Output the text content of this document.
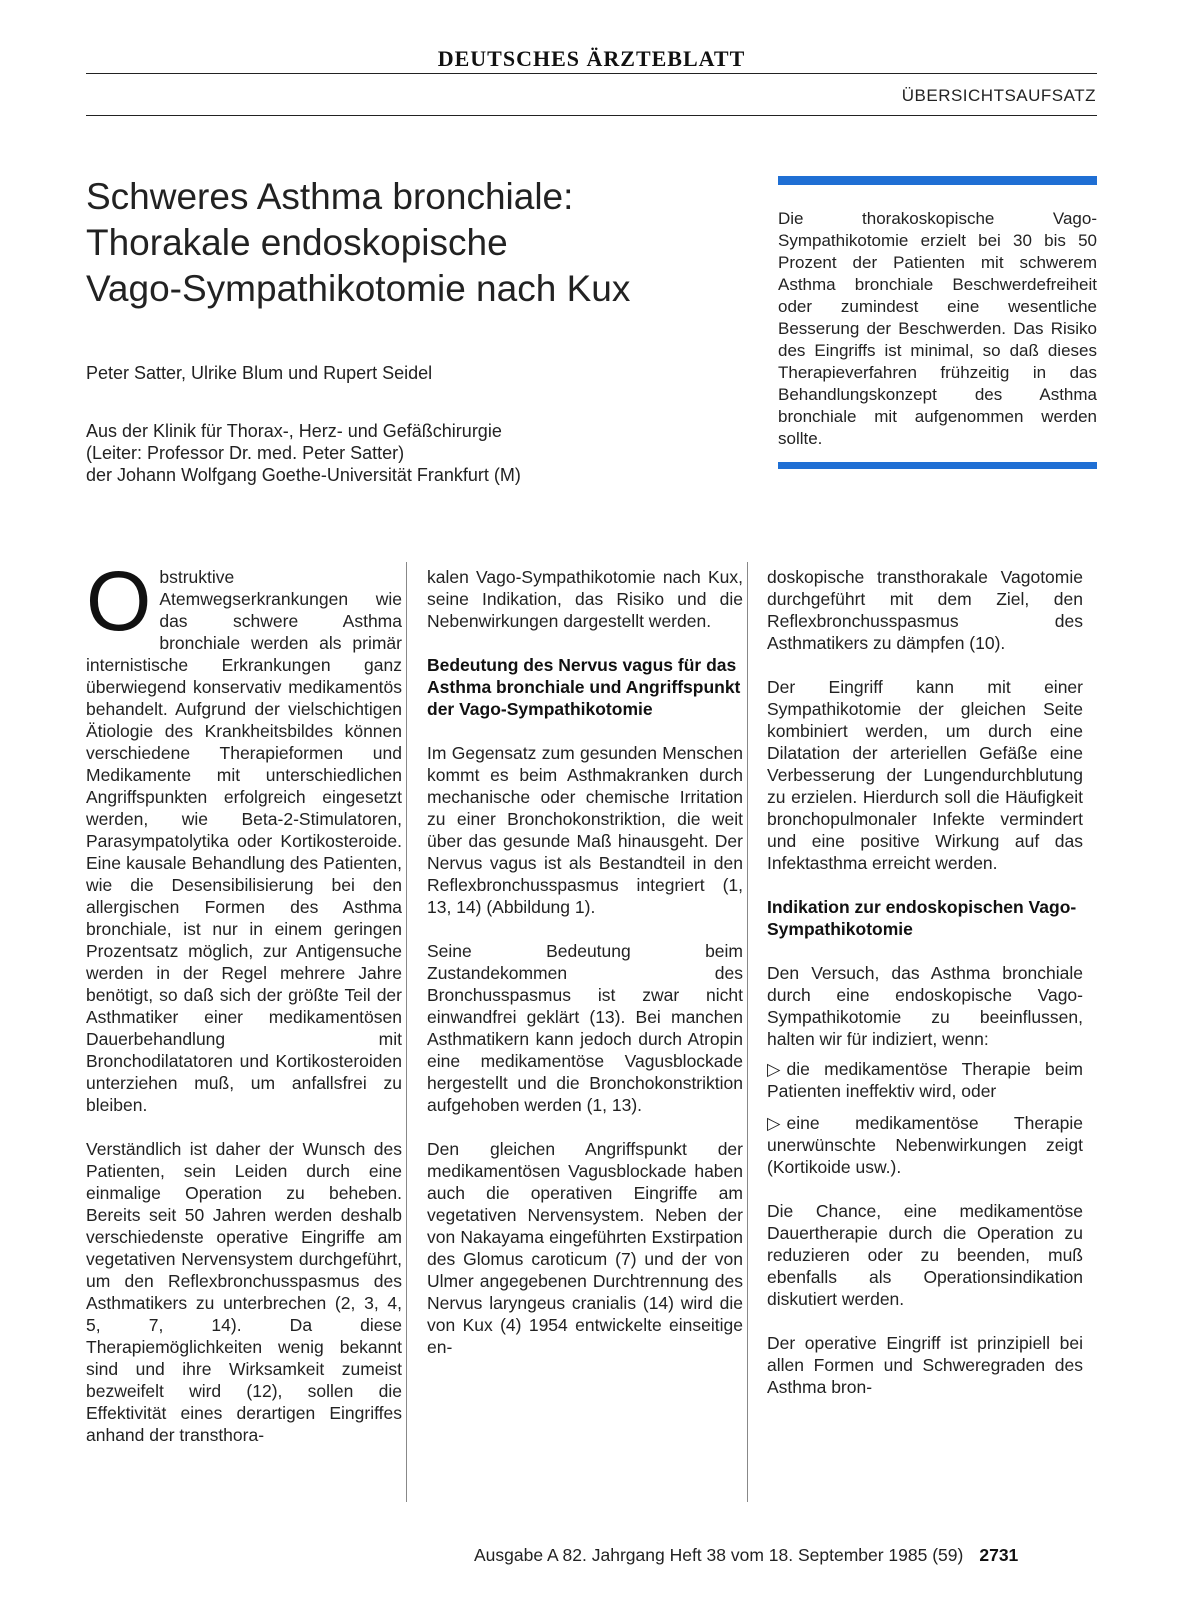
DEUTSCHES ÄRZTEBLATT
ÜBERSICHTSAUFSATZ
Schweres Asthma bronchiale:
Thorakale endoskopische
Vago-Sympathikotomie nach Kux
Peter Satter, Ulrike Blum und Rupert Seidel
Aus der Klinik für Thorax-, Herz- und Gefäßchirurgie
(Leiter: Professor Dr. med. Peter Satter)
der Johann Wolfgang Goethe-Universität Frankfurt (M)
Die thorakoskopische Vago-Sympathikotomie erzielt bei 30 bis 50 Prozent der Patienten mit schwerem Asthma bronchiale Beschwerdefreiheit oder zumindest eine wesentliche Besserung der Beschwerden. Das Risiko des Eingriffs ist minimal, so daß dieses Therapieverfahren frühzeitig in das Behandlungskonzept des Asthma bronchiale mit aufgenommen werden sollte.

Obstruktive Atemwegserkrankungen wie das schwere Asthma bronchiale werden als primär internistische Erkrankungen ganz überwiegend konservativ medikamentös behandelt. Aufgrund der vielschichtigen Ätiologie des Krankheitsbildes können verschiedene Therapieformen und Medikamente mit unterschiedlichen Angriffspunkten erfolgreich eingesetzt werden, wie Beta-2-Stimulatoren, Parasympatolytika oder Kortikosteroide. Eine kausale Behandlung des Patienten, wie die Desensibilisierung bei den allergischen Formen des Asthma bronchiale, ist nur in einem geringen Prozentsatz möglich, zur Antigensuche werden in der Regel mehrere Jahre benötigt, so daß sich der größte Teil der Asthmatiker einer medikamentösen Dauerbehandlung mit Bronchodilatatoren und Kortikosteroiden unterziehen muß, um anfallsfrei zu bleiben.

Verständlich ist daher der Wunsch des Patienten, sein Leiden durch eine einmalige Operation zu beheben. Bereits seit 50 Jahren werden deshalb verschiedenste operative Eingriffe am vegetativen Nervensystem durchgeführt, um den Reflexbronchusspasmus des Asthmatikers zu unterbrechen (2, 3, 4, 5, 7, 14). Da diese Therapiemöglichkeiten wenig bekannt sind und ihre Wirksamkeit zumeist bezweifelt wird (12), sollen die Effektivität eines derartigen Eingriffes anhand der transthora-

kalen Vago-Sympathikotomie nach Kux, seine Indikation, das Risiko und die Nebenwirkungen dargestellt werden.

Bedeutung des Nervus vagus für das Asthma bronchiale und Angriffspunkt der Vago-Sympathikotomie

Im Gegensatz zum gesunden Menschen kommt es beim Asthmakranken durch mechanische oder chemische Irritation zu einer Bronchokonstriktion, die weit über das gesunde Maß hinausgeht. Der Nervus vagus ist als Bestandteil in den Reflexbronchusspasmus integriert (1, 13, 14) (Abbildung 1).

Seine Bedeutung beim Zustandekommen des Bronchusspasmus ist zwar nicht einwandfrei geklärt (13). Bei manchen Asthmatikern kann jedoch durch Atropin eine medikamentöse Vagusblockade hergestellt und die Bronchokonstriktion aufgehoben werden (1, 13).

Den gleichen Angriffspunkt der medikamentösen Vagusblockade haben auch die operativen Eingriffe am vegetativen Nervensystem. Neben der von Nakayama eingeführten Exstirpation des Glomus caroticum (7) und der von Ulmer angegebenen Durchtrennung des Nervus laryngeus cranialis (14) wird die von Kux (4) 1954 entwickelte einseitige en-

doskopische transthorakale Vagotomie durchgeführt mit dem Ziel, den Reflexbronchusspasmus des Asthmatikers zu dämpfen (10).

Der Eingriff kann mit einer Sympathikotomie der gleichen Seite kombiniert werden, um durch eine Dilatation der arteriellen Gefäße eine Verbesserung der Lungendurchblutung zu erzielen. Hierdurch soll die Häufigkeit bronchopulmonaler Infekte vermindert und eine positive Wirkung auf das Infektasthma erreicht werden.

Indikation zur endoskopischen Vago-Sympathikotomie

Den Versuch, das Asthma bronchiale durch eine endoskopische Vago-Sympathikotomie zu beeinflussen, halten wir für indiziert, wenn:

▷ die medikamentöse Therapie beim Patienten ineffektiv wird, oder

▷ eine medikamentöse Therapie unerwünschte Nebenwirkungen zeigt (Kortikoide usw.).

Die Chance, eine medikamentöse Dauertherapie durch die Operation zu reduzieren oder zu beenden, muß ebenfalls als Operationsindikation diskutiert werden.

Der operative Eingriff ist prinzipiell bei allen Formen und Schweregraden des Asthma bron-

Ausgabe A 82. Jahrgang Heft 38 vom 18. September 1985 (59) 2731
